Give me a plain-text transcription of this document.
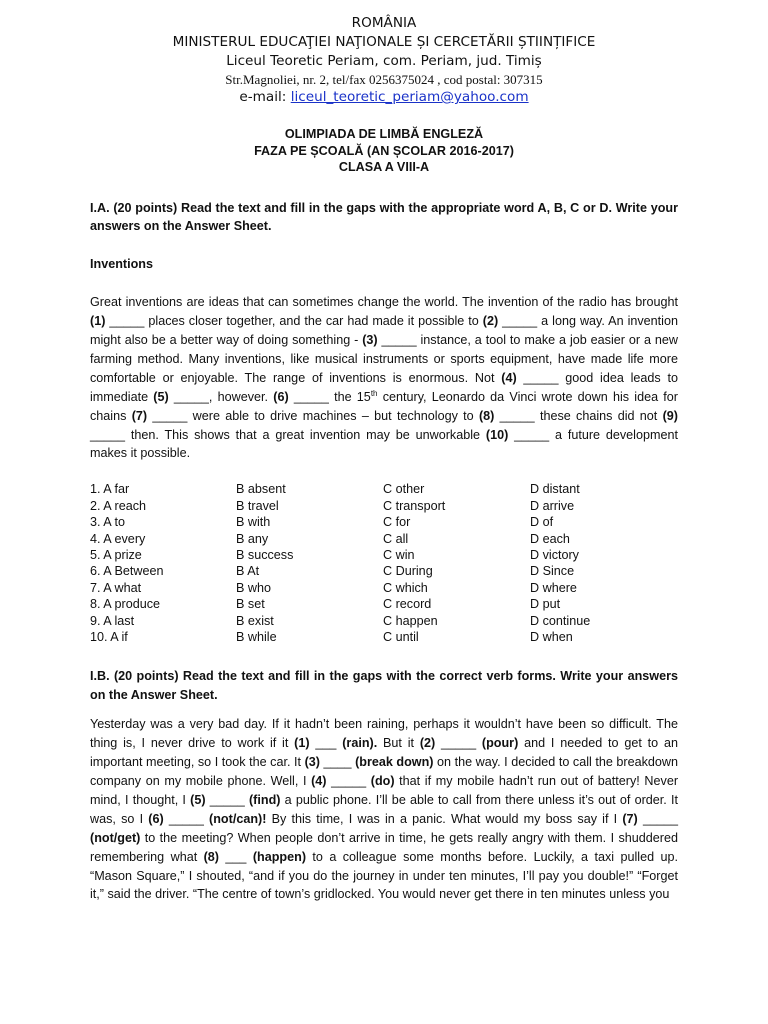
ROMÂNIA
MINISTERUL EDUCAŢIEI NAŢIONALE ȘI CERCETĂRII ȘTIINȚIFICE
Liceul Teoretic Periam, com. Periam, jud. Timiș
Str.Magnoliei, nr. 2, tel/fax 0256375024 , cod postal: 307315
e-mail: liceul_teoretic_periam@yahoo.com
OLIMPIADA DE LIMBĂ ENGLEZĂ
FAZA PE ȘCOALĂ (AN ȘCOLAR 2016-2017)
CLASA A VIII-A

I.A. (20 points) Read the text and fill in the gaps with the appropriate word A, B, C or D. Write your answers on the Answer Sheet.

Inventions

Great inventions are ideas that can sometimes change the world. The invention of the radio has brought (1) _____ places closer together, and the car had made it possible to (2) _____ a long way. An invention might also be a better way of doing something - (3) _____ instance, a tool to make a job easier or a new farming method. Many inventions, like musical instruments or sports equipment, have made life more comfortable or enjoyable. The range of inventions is enormous. Not (4) _____ good idea leads to immediate (5) _____, however. (6) _____ the 15th century, Leonardo da Vinci wrote down his idea for chains (7) _____ were able to drive machines – but technology to (8) _____ these chains did not (9) _____ then. This shows that a great invention may be unworkable (10) _____ a future development makes it possible.

1. A far	B absent	C other	D distant
2. A reach	B travel	C transport	D arrive
3. A to	B with	C for	D of
4. A every	B any	C all	D each
5. A prize	B success	C win	D victory
6. A Between	B At	C During	D Since
7. A what	B who	C which	D where
8. A produce	B set	C record	D put
9. A last	B exist	C happen	D continue
10. A if	B while	C until	D when

I.B. (20 points) Read the text and fill in the gaps with the correct verb forms. Write your answers on the Answer Sheet.

Yesterday was a very bad day. If it hadn’t been raining, perhaps it wouldn’t have been so difficult. The thing is, I never drive to work if it (1) ___ (rain). But it (2) _____ (pour) and I needed to get to an important meeting, so I took the car. It (3) ____ (break down) on the way. I decided to call the breakdown company on my mobile phone. Well, I (4) _____ (do) that if my mobile hadn’t run out of battery! Never mind, I thought, I (5) _____ (find) a public phone. I’ll be able to call from there unless it’s out of order. It was, so I (6) _____ (not/can)! By this time, I was in a panic. What would my boss say if I (7) _____ (not/get) to the meeting? When people don’t arrive in time, he gets really angry with them. I shuddered remembering what (8) ___ (happen) to a colleague some months before. Luckily, a taxi pulled up. “Mason Square,” I shouted, “and if you do the journey in under ten minutes, I’ll pay you double!” “Forget it,” said the driver. “The centre of town’s gridlocked. You would never get there in ten minutes unless you
